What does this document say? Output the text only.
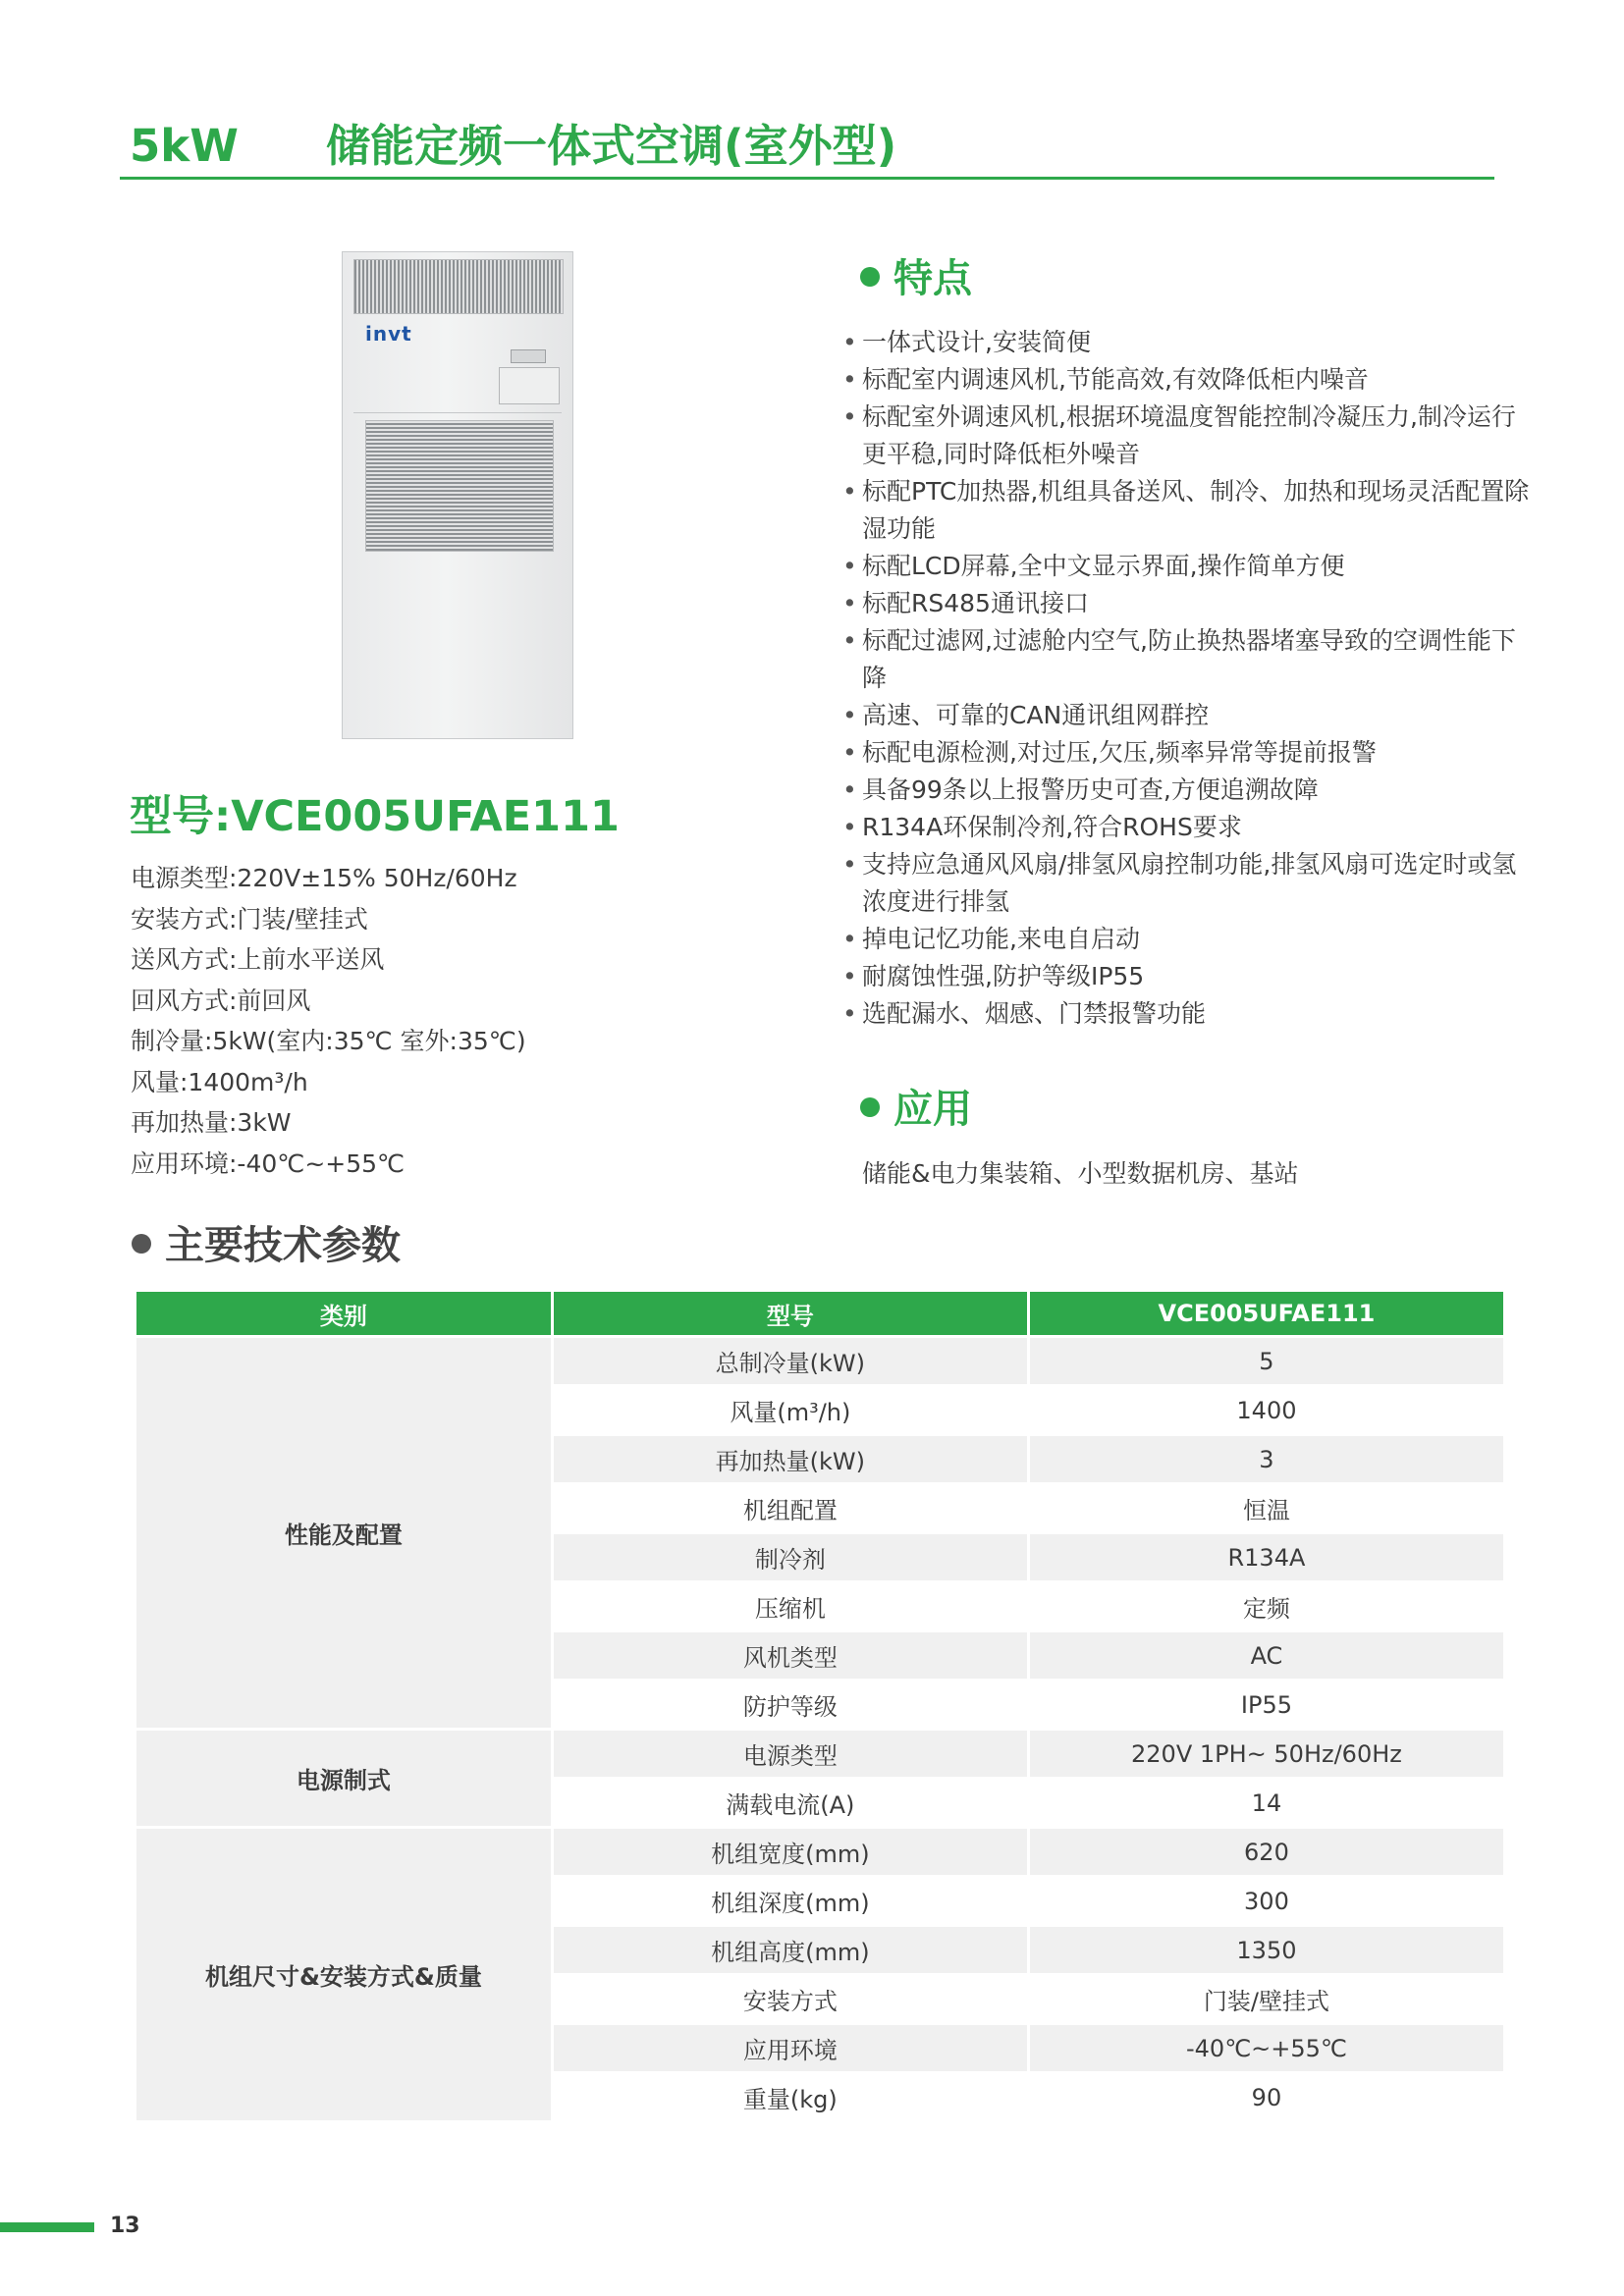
5kW 储能定频一体式空调(室外型)
invt
型号:VCE005UFAE111
电源类型:220V±15% 50Hz/60Hz
安装方式:门装/壁挂式
送风方式:上前水平送风
回风方式:前回风
制冷量:5kW(室内:35℃ 室外:35℃)
风量:1400m³/h
再加热量:3kW
应用环境:-40℃~+55℃
特点
• 一体式设计,安装简便
• 标配室内调速风机,节能高效,有效降低柜内噪音
• 标配室外调速风机,根据环境温度智能控制冷凝压力,制冷运行更平稳,同时降低柜外噪音
• 标配PTC加热器,机组具备送风、制冷、加热和现场灵活配置除湿功能
• 标配LCD屏幕,全中文显示界面,操作简单方便
• 标配RS485通讯接口
• 标配过滤网,过滤舱内空气,防止换热器堵塞导致的空调性能下降
• 高速、可靠的CAN通讯组网群控
• 标配电源检测,对过压,欠压,频率异常等提前报警
• 具备99条以上报警历史可查,方便追溯故障
• R134A环保制冷剂,符合ROHS要求
• 支持应急通风风扇/排氢风扇控制功能,排氢风扇可选定时或氢浓度进行排氢
• 掉电记忆功能,来电自启动
• 耐腐蚀性强,防护等级IP55
• 选配漏水、烟感、门禁报警功能
应用
储能&电力集装箱、小型数据机房、基站
主要技术参数
类别	型号	VCE005UFAE111
性能及配置	总制冷量(kW)	5
	风量(m³/h)	1400
	再加热量(kW)	3
	机组配置	恒温
	制冷剂	R134A
	压缩机	定频
	风机类型	AC
	防护等级	IP55
电源制式	电源类型	220V 1PH~ 50Hz/60Hz
	满载电流(A)	14
机组尺寸&安装方式&质量	机组宽度(mm)	620
	机组深度(mm)	300
	机组高度(mm)	1350
	安装方式	门装/壁挂式
	应用环境	-40℃~+55℃
	重量(kg)	90
13
